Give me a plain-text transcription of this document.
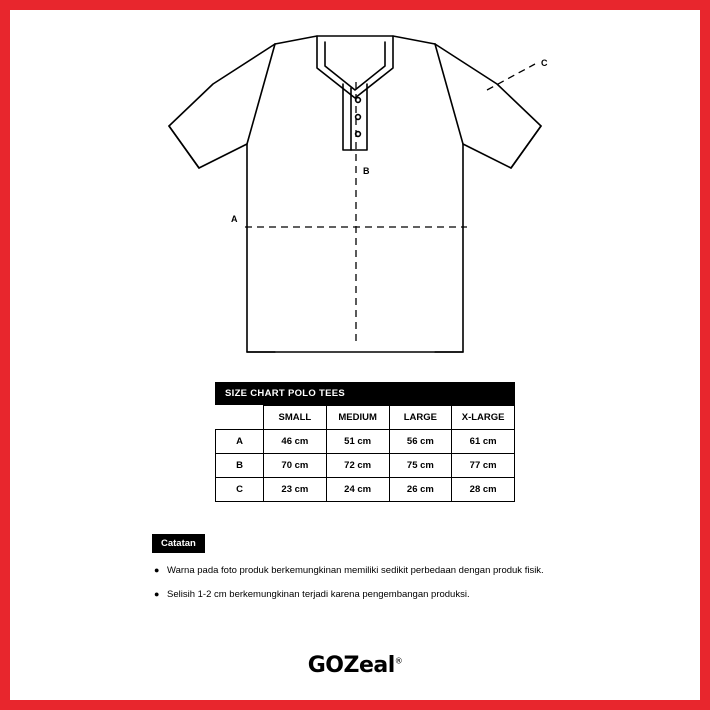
A
B
C
SIZE CHART POLO TEES
	SMALL	MEDIUM	LARGE	X-LARGE
A	46 cm	51 cm	56 cm	61 cm
B	70 cm	72 cm	75 cm	77 cm
C	23 cm	24 cm	26 cm	28 cm
Catatan
● Warna pada foto produk berkemungkinan memiliki sedikit perbedaan dengan produk fisik.
● Selisih 1-2 cm berkemungkinan terjadi karena pengembangan produksi.
GOZeal®
